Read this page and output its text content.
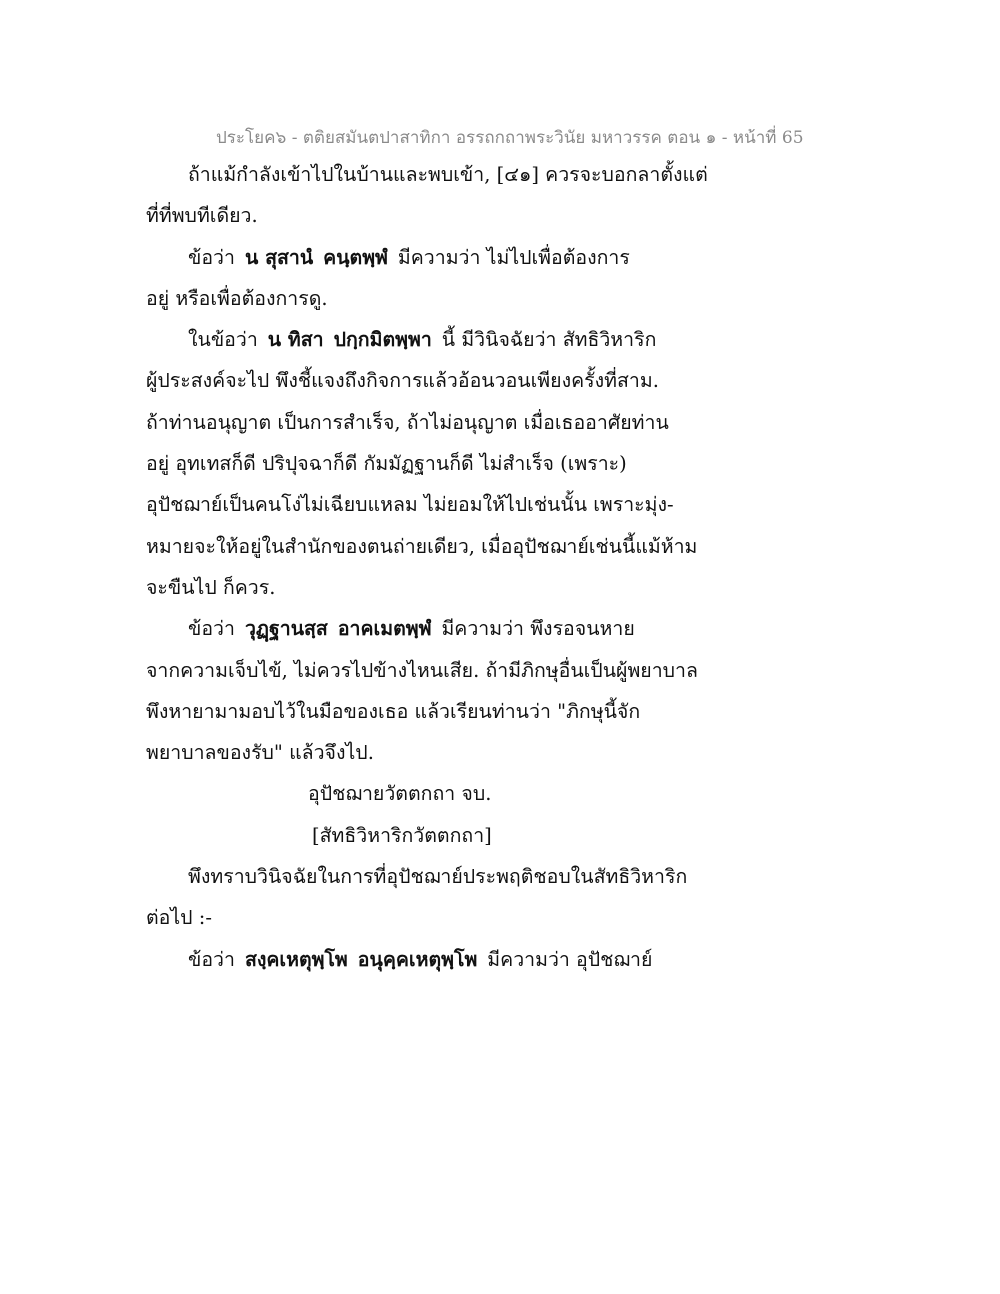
ประโยค๖ - ตติยสมันตปาสาทิกา อรรถกถาพระวินัย มหาวรรค ตอน ๑ - หน้าที่ 65
ถ้าแม้กำลังเข้าไปในบ้านและพบเข้า, [๔๑] ควรจะบอกลาตั้งแต่
ที่ที่พบทีเดียว.
ข้อว่า น สุสานํ คนฺตพฺพํ มีความว่า ไม่ไปเพื่อต้องการ
อยู่ หรือเพื่อต้องการดู.
ในข้อว่า น ทิสา ปกฺกมิตพฺพา นี้ มีวินิจฉัยว่า สัทธิวิหาริก
ผู้ประสงค์จะไป พึงชี้แจงถึงกิจการแล้วอ้อนวอนเพียงครั้งที่สาม.
ถ้าท่านอนุญาต เป็นการสำเร็จ, ถ้าไม่อนุญาต เมื่อเธออาศัยท่าน
อยู่ อุทเทสก็ดี ปริปุจฉาก็ดี กัมมัฏฐานก็ดี ไม่สำเร็จ (เพราะ)
อุปัชฌาย์เป็นคนโง่ไม่เฉียบแหลม ไม่ยอมให้ไปเช่นนั้น เพราะมุ่ง-
หมายจะให้อยู่ในสำนักของตนถ่ายเดียว, เมื่ออุปัชฌาย์เช่นนี้แม้ห้าม
จะขืนไป ก็ควร.
ข้อว่า วุฏฺฐานสฺส อาคเมตพฺพํ มีความว่า พึงรอจนหาย
จากความเจ็บไข้, ไม่ควรไปข้างไหนเสีย. ถ้ามีภิกษุอื่นเป็นผู้พยาบาล
พึงหายามามอบไว้ในมือของเธอ แล้วเรียนท่านว่า "ภิกษุนี้จัก
พยาบาลของรับ" แล้วจึงไป.
อุปัชฌายวัตตกถา จบ.
[สัทธิวิหาริกวัตตกถา]
พึงทราบวินิจฉัยในการที่อุปัชฌาย์ประพฤติชอบในสัทธิวิหาริก
ต่อไป :-
ข้อว่า สงฺคเหตุพฺโพ อนุคฺคเหตุพฺโพ มีความว่า อุปัชฌาย์
